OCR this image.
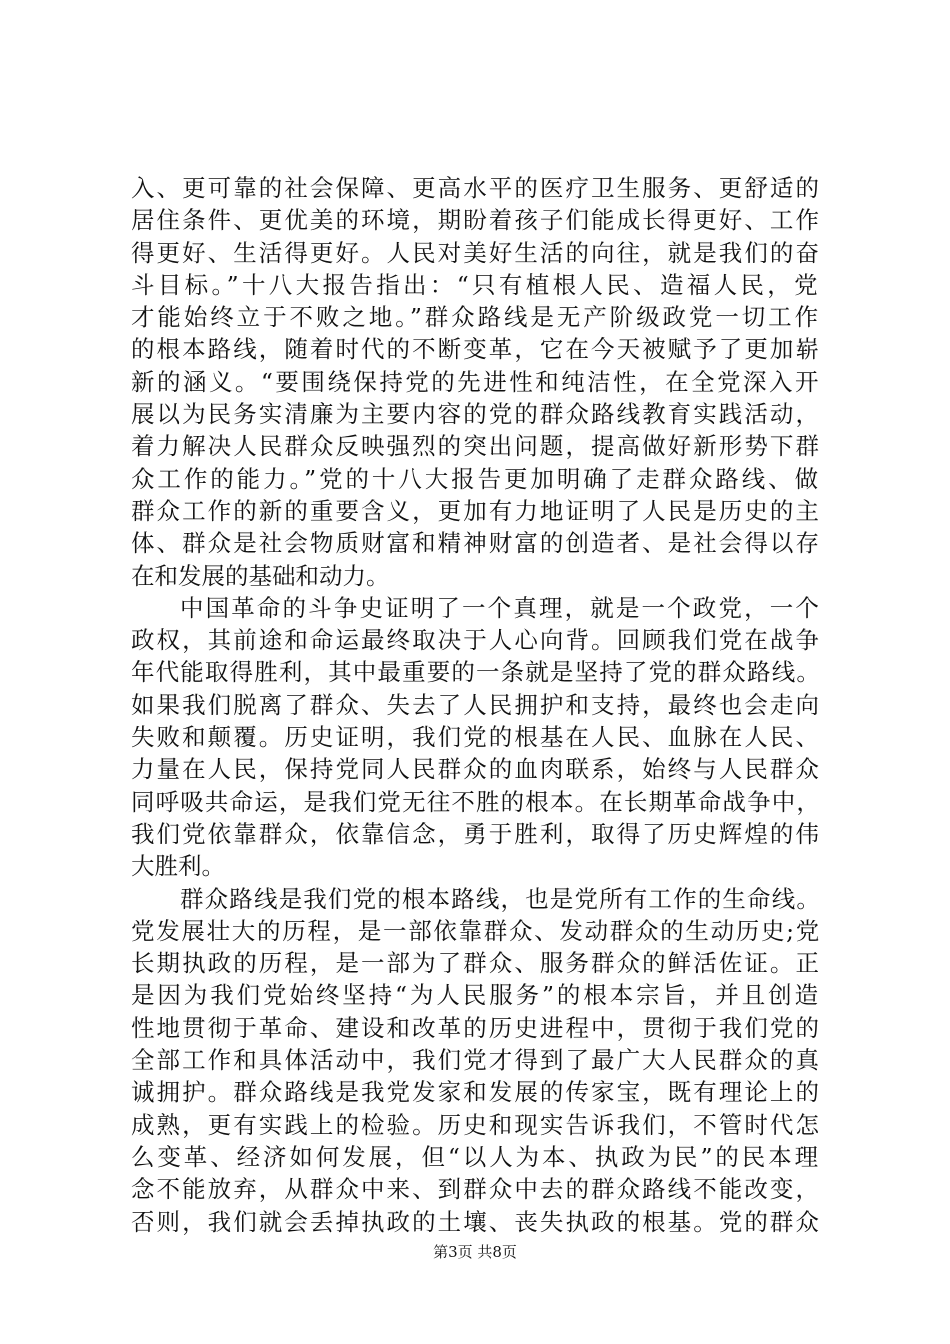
入、更可靠的社会保障、更高水平的医疗卫生服务、更舒适的
居住条件、更优美的环境，期盼着孩子们能成长得更好、工作
得更好、生活得更好。人民对美好生活的向往，就是我们的奋
斗目标。”十八大报告指出：“只有植根人民、造福人民，党
才能始终立于不败之地。”群众路线是无产阶级政党一切工作
的根本路线，随着时代的不断变革，它在今天被赋予了更加崭
新的涵义。“要围绕保持党的先进性和纯洁性，在全党深入开
展以为民务实清廉为主要内容的党的群众路线教育实践活动，
着力解决人民群众反映强烈的突出问题，提高做好新形势下群
众工作的能力。”党的十八大报告更加明确了走群众路线、做
群众工作的新的重要含义，更加有力地证明了人民是历史的主
体、群众是社会物质财富和精神财富的创造者、是社会得以存
在和发展的基础和动力。
中国革命的斗争史证明了一个真理，就是一个政党，一个
政权，其前途和命运最终取决于人心向背。回顾我们党在战争
年代能取得胜利，其中最重要的一条就是坚持了党的群众路线。
如果我们脱离了群众、失去了人民拥护和支持，最终也会走向
失败和颠覆。历史证明，我们党的根基在人民、血脉在人民、
力量在人民，保持党同人民群众的血肉联系，始终与人民群众
同呼吸共命运，是我们党无往不胜的根本。在长期革命战争中，
我们党依靠群众，依靠信念，勇于胜利，取得了历史辉煌的伟
大胜利。
群众路线是我们党的根本路线，也是党所有工作的生命线。
党发展壮大的历程，是一部依靠群众、发动群众的生动历史;党
长期执政的历程，是一部为了群众、服务群众的鲜活佐证。正
是因为我们党始终坚持“为人民服务”的根本宗旨，并且创造
性地贯彻于革命、建设和改革的历史进程中，贯彻于我们党的
全部工作和具体活动中，我们党才得到了最广大人民群众的真
诚拥护。群众路线是我党发家和发展的传家宝，既有理论上的
成熟，更有实践上的检验。历史和现实告诉我们，不管时代怎
么变革、经济如何发展，但“以人为本、执政为民”的民本理
念不能放弃，从群众中来、到群众中去的群众路线不能改变，
否则，我们就会丢掉执政的土壤、丧失执政的根基。党的群众
第3页 共8页
